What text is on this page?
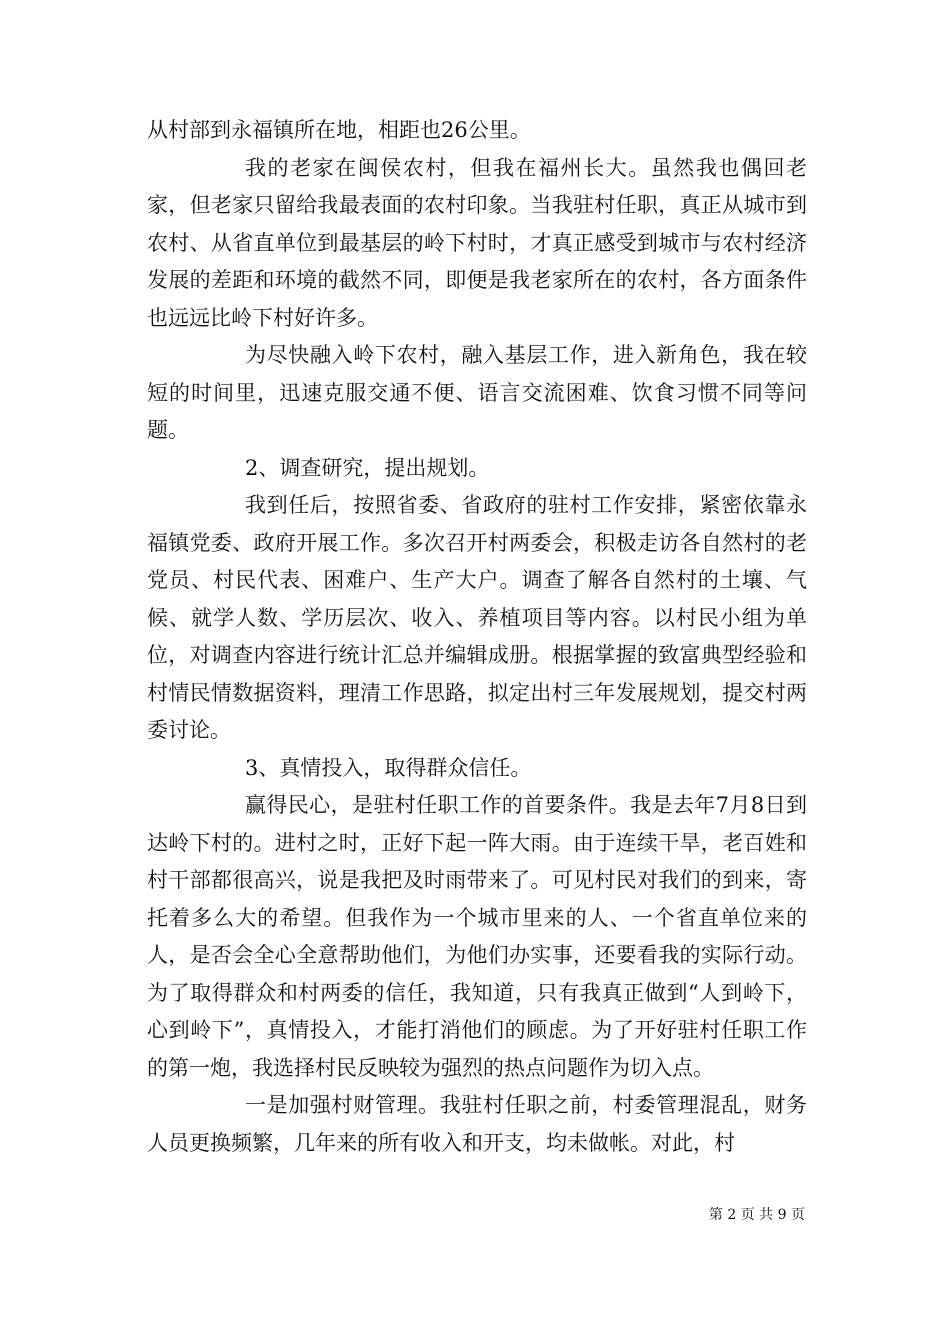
从村部到永福镇所在地，相距也26公里。

我的老家在闽侯农村，但我在福州长大。虽然我也偶回老家，但老家只留给我最表面的农村印象。当我驻村任职，真正从城市到农村、从省直单位到最基层的岭下村时，才真正感受到城市与农村经济发展的差距和环境的截然不同，即便是我老家所在的农村，各方面条件也远远比岭下村好许多。

为尽快融入岭下农村，融入基层工作，进入新角色，我在较短的时间里，迅速克服交通不便、语言交流困难、饮食习惯不同等问题。

2、调查研究，提出规划。

我到任后，按照省委、省政府的驻村工作安排，紧密依靠永福镇党委、政府开展工作。多次召开村两委会，积极走访各自然村的老党员、村民代表、困难户、生产大户。调查了解各自然村的土壤、气候、就学人数、学历层次、收入、养植项目等内容。以村民小组为单位，对调查内容进行统计汇总并编辑成册。根据掌握的致富典型经验和村情民情数据资料，理清工作思路，拟定出村三年发展规划，提交村两委讨论。

3、真情投入，取得群众信任。

赢得民心，是驻村任职工作的首要条件。我是去年7月8日到达岭下村的。进村之时，正好下起一阵大雨。由于连续干旱，老百姓和村干部都很高兴，说是我把及时雨带来了。可见村民对我们的到来，寄托着多么大的希望。但我作为一个城市里来的人、一个省直单位来的人，是否会全心全意帮助他们，为他们办实事，还要看我的实际行动。为了取得群众和村两委的信任，我知道，只有我真正做到“人到岭下，心到岭下”，真情投入，才能打消他们的顾虑。为了开好驻村任职工作的第一炮，我选择村民反映较为强烈的热点问题作为切入点。

一是加强村财管理。我驻村任职之前，村委管理混乱，财务人员更换频繁，几年来的所有收入和开支，均未做帐。对此，村

第 2 页 共 9 页
